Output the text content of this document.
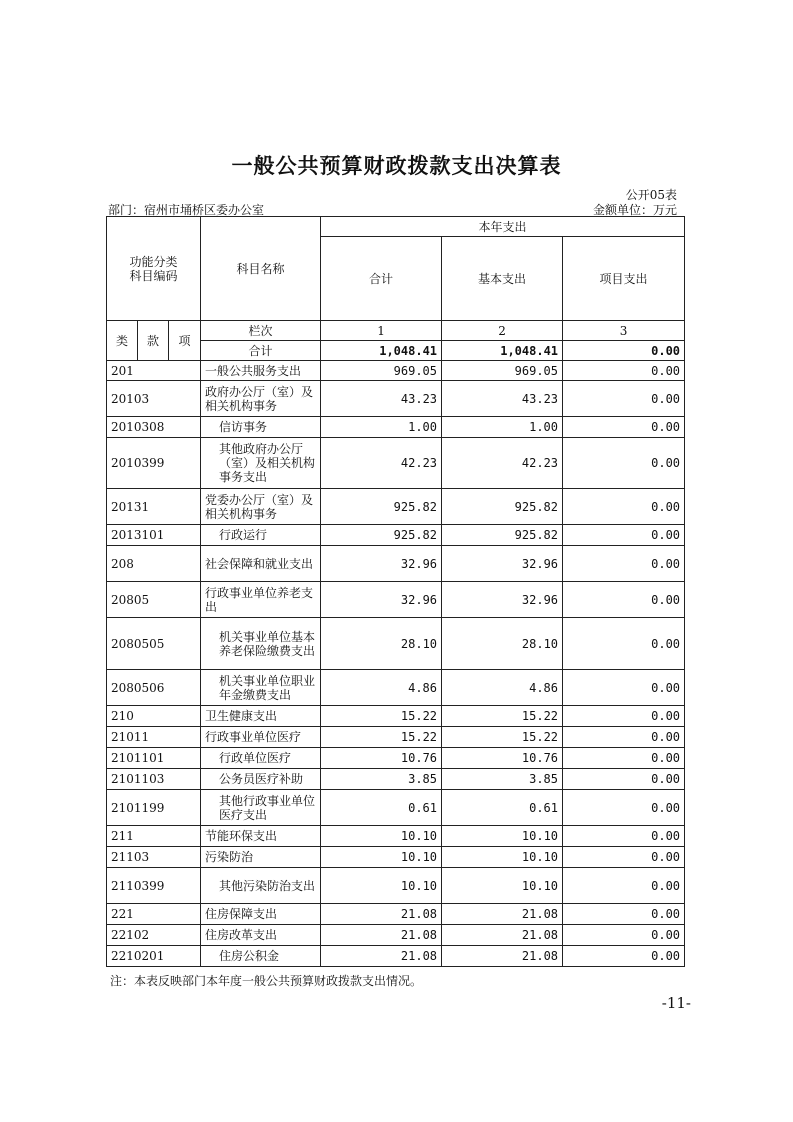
一般公共预算财政拨款支出决算表
公开05表
部门：宿州市埇桥区委办公室	金额单位：万元
功能分类
科目编码			科目名称	本年支出		
				合计	基本支出	项目支出
类	款	项	栏次	1	2	3
			合计	1,048.41	1,048.41	0.00
201			一般公共服务支出	969.05	969.05	0.00
20103			政府办公厅（室）及相关机构事务	43.23	43.23	0.00
2010308			信访事务	1.00	1.00	0.00
2010399			其他政府办公厅（室）及相关机构事务支出	42.23	42.23	0.00
20131			党委办公厅（室）及相关机构事务	925.82	925.82	0.00
2013101			行政运行	925.82	925.82	0.00
208			社会保障和就业支出	32.96	32.96	0.00
20805			行政事业单位养老支出	32.96	32.96	0.00
2080505			机关事业单位基本养老保险缴费支出	28.10	28.10	0.00
2080506			机关事业单位职业年金缴费支出	4.86	4.86	0.00
210			卫生健康支出	15.22	15.22	0.00
21011			行政事业单位医疗	15.22	15.22	0.00
2101101			行政单位医疗	10.76	10.76	0.00
2101103			公务员医疗补助	3.85	3.85	0.00
2101199			其他行政事业单位医疗支出	0.61	0.61	0.00
211			节能环保支出	10.10	10.10	0.00
21103			污染防治	10.10	10.10	0.00
2110399			其他污染防治支出	10.10	10.10	0.00
221			住房保障支出	21.08	21.08	0.00
22102			住房改革支出	21.08	21.08	0.00
2210201			住房公积金	21.08	21.08	0.00
注：本表反映部门本年度一般公共预算财政拨款支出情况。
-11-
